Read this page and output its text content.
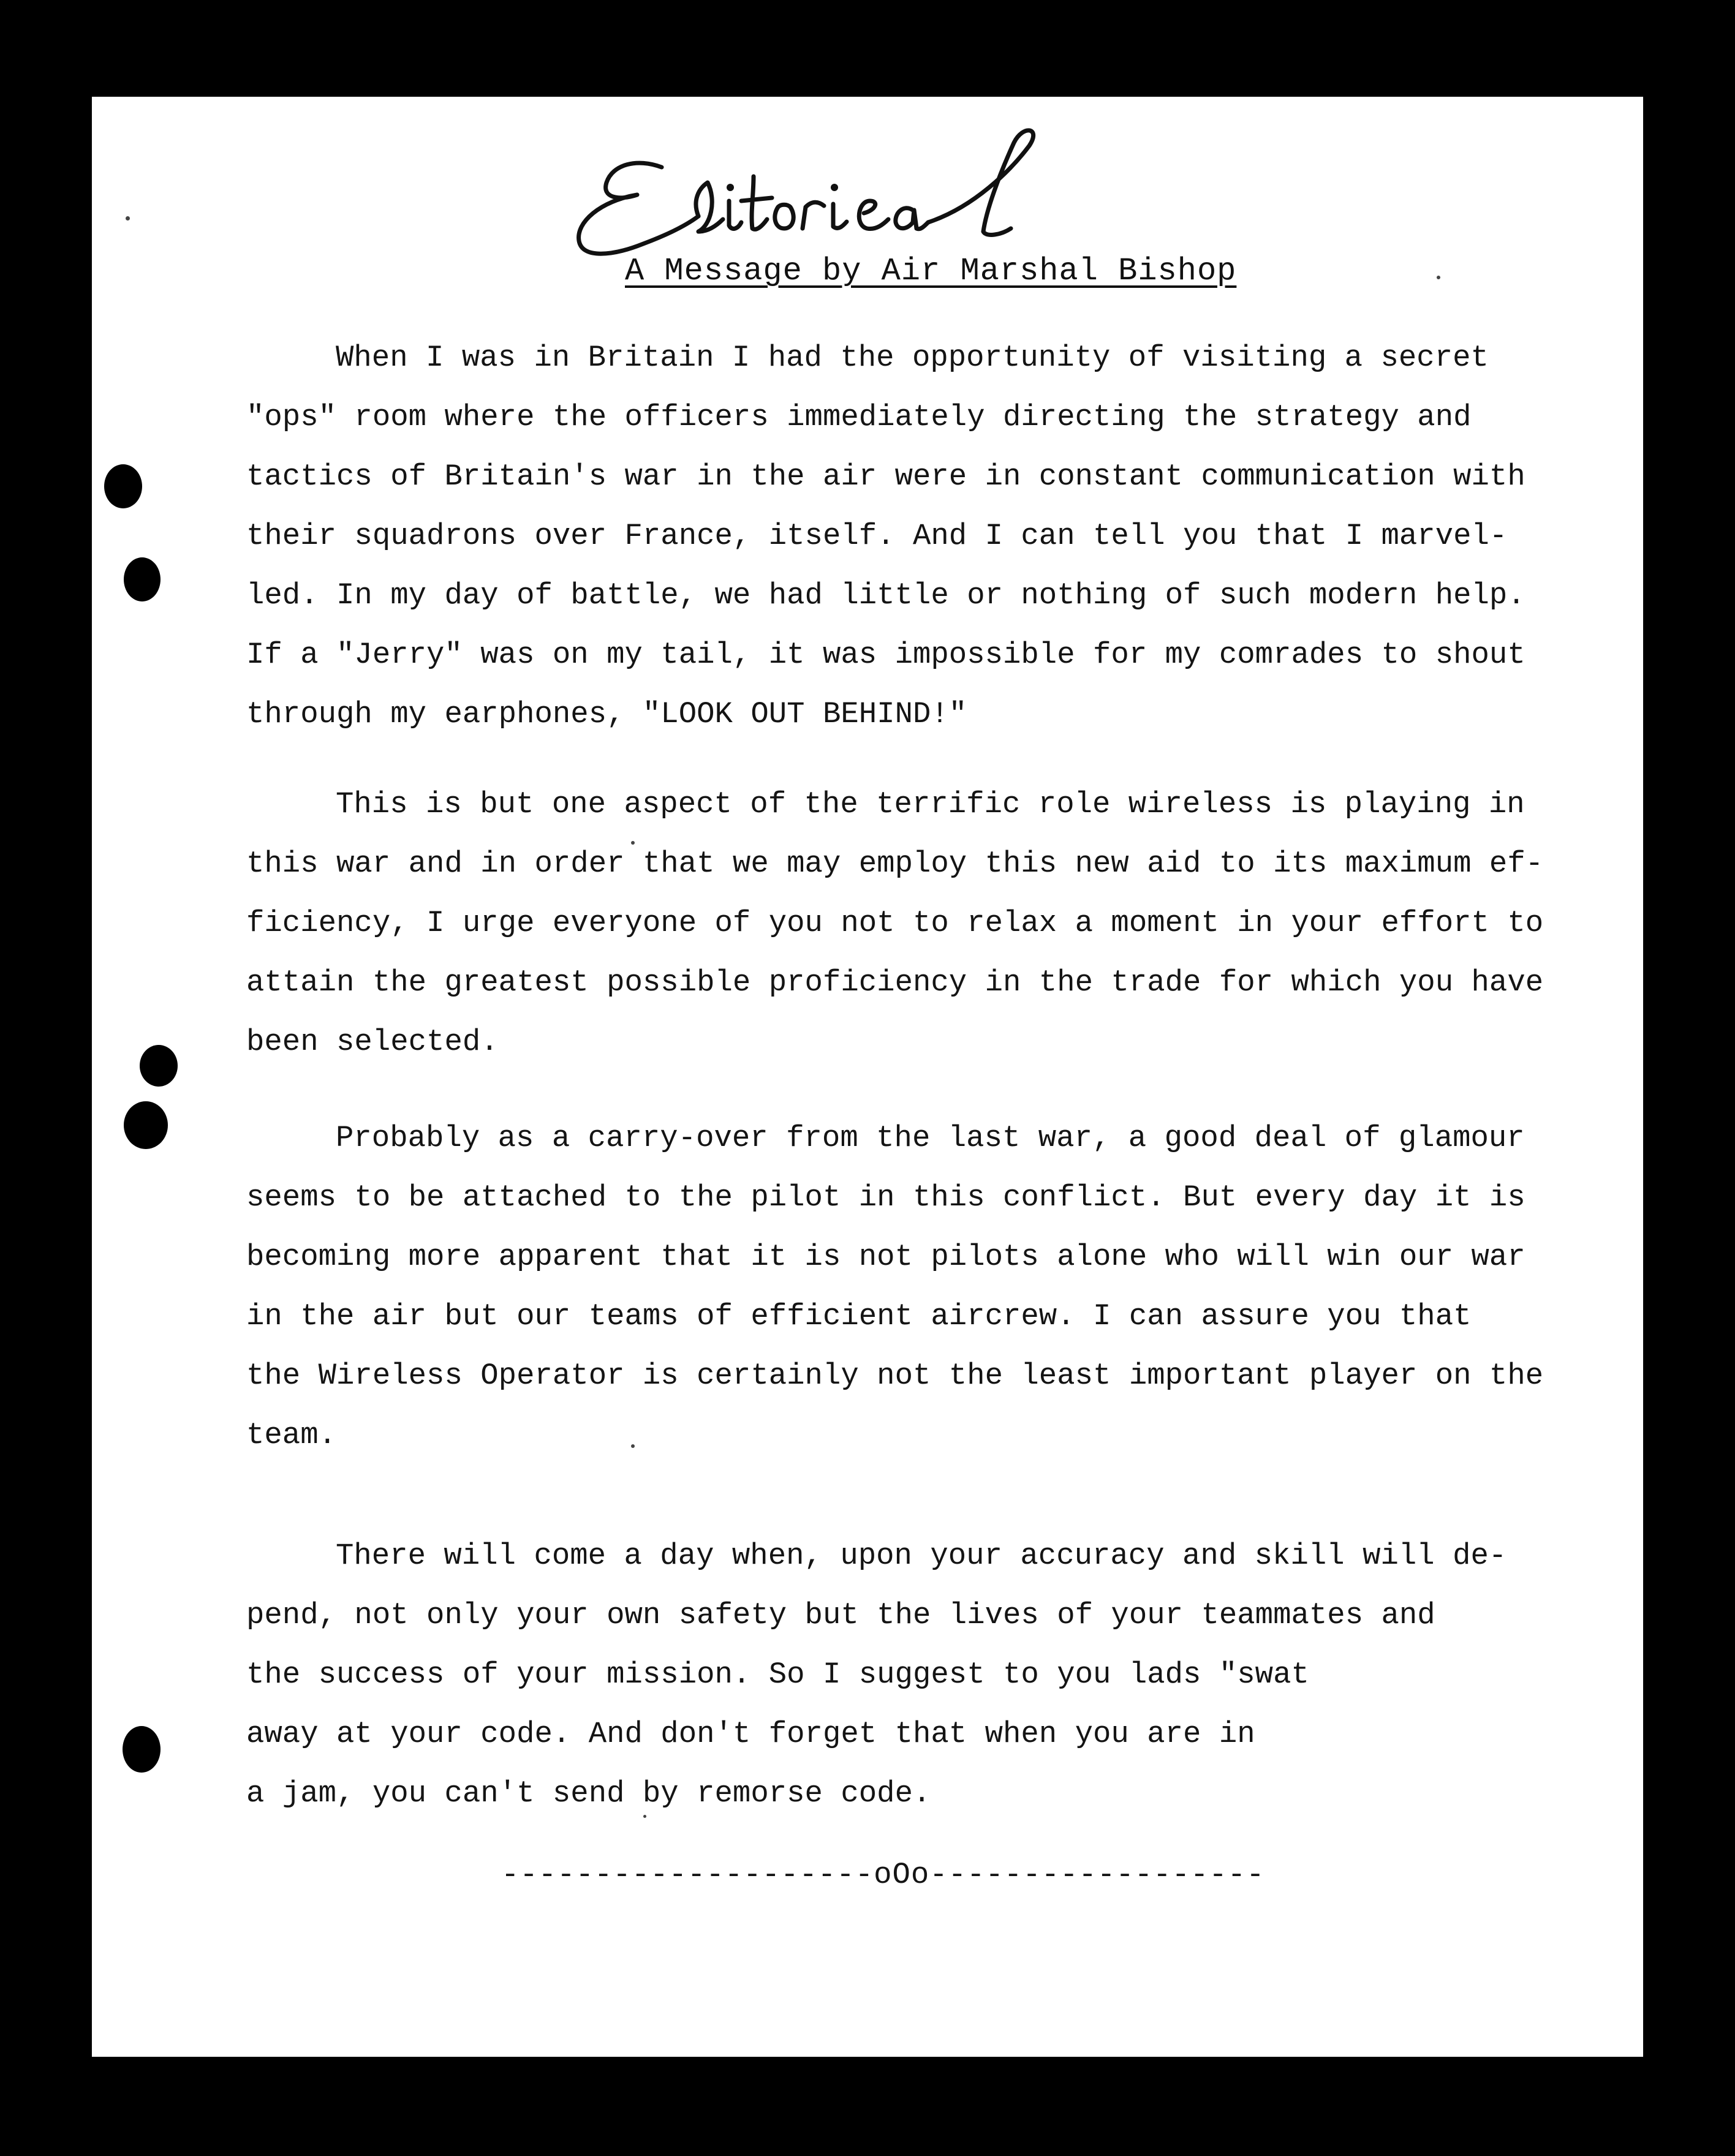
A Message by Air Marshal Bishop
When I was in Britain I had the opportunity of visiting a secret
"ops" room where the officers immediately directing the strategy and
tactics of Britain's war in the air were in constant communication with
their squadrons over France, itself. And I can tell you that I marvel-
led. In my day of battle, we had little or nothing of such modern help.
If a "Jerry" was on my tail, it was impossible for my comrades to shout
through my earphones, "LOOK OUT BEHIND!"
This is but one aspect of the terrific role wireless is playing in
this war and in order that we may employ this new aid to its maximum ef-
ficiency, I urge everyone of you not to relax a moment in your effort to
attain the greatest possible proficiency in the trade for which you have
been selected.
Probably as a carry-over from the last war, a good deal of glamour
seems to be attached to the pilot in this conflict. But every day it is
becoming more apparent that it is not pilots alone who will win our war
in the air but our teams of efficient aircrew. I can assure you that
the Wireless Operator is certainly not the least important player on the
team.
There will come a day when, upon your accuracy and skill will de-
pend, not only your own safety but the lives of your teammates and
the success of your mission. So I suggest to you lads "swat
away at your code. And don't forget that when you are in
a jam, you can't send by remorse code.
--------------------oOo------------------
